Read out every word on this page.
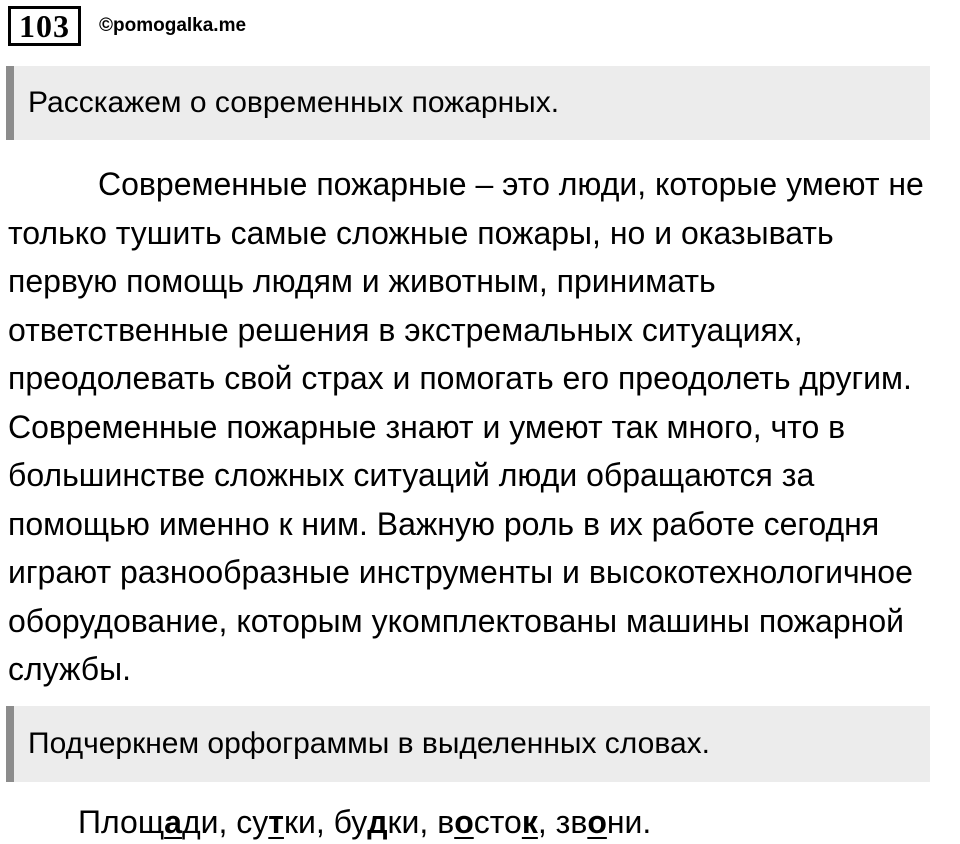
103	©pomogalka.me
Расскажем о современных пожарных.

Современные пожарные – это люди, которые умеют не
только тушить самые сложные пожары, но и оказывать
первую помощь людям и животным, принимать
ответственные решения в экстремальных ситуациях,
преодолевать свой страх и помогать его преодолеть другим.
Современные пожарные знают и умеют так много, что в
большинстве сложных ситуаций люди обращаются за
помощью именно к ним. Важную роль в их работе сегодня
играют разнообразные инструменты и высокотехнологичное
оборудование, которым укомплектованы машины пожарной
службы.

Подчеркнем орфограммы в выделенных словах.
Площади, сутки, будки, восток, звони.
